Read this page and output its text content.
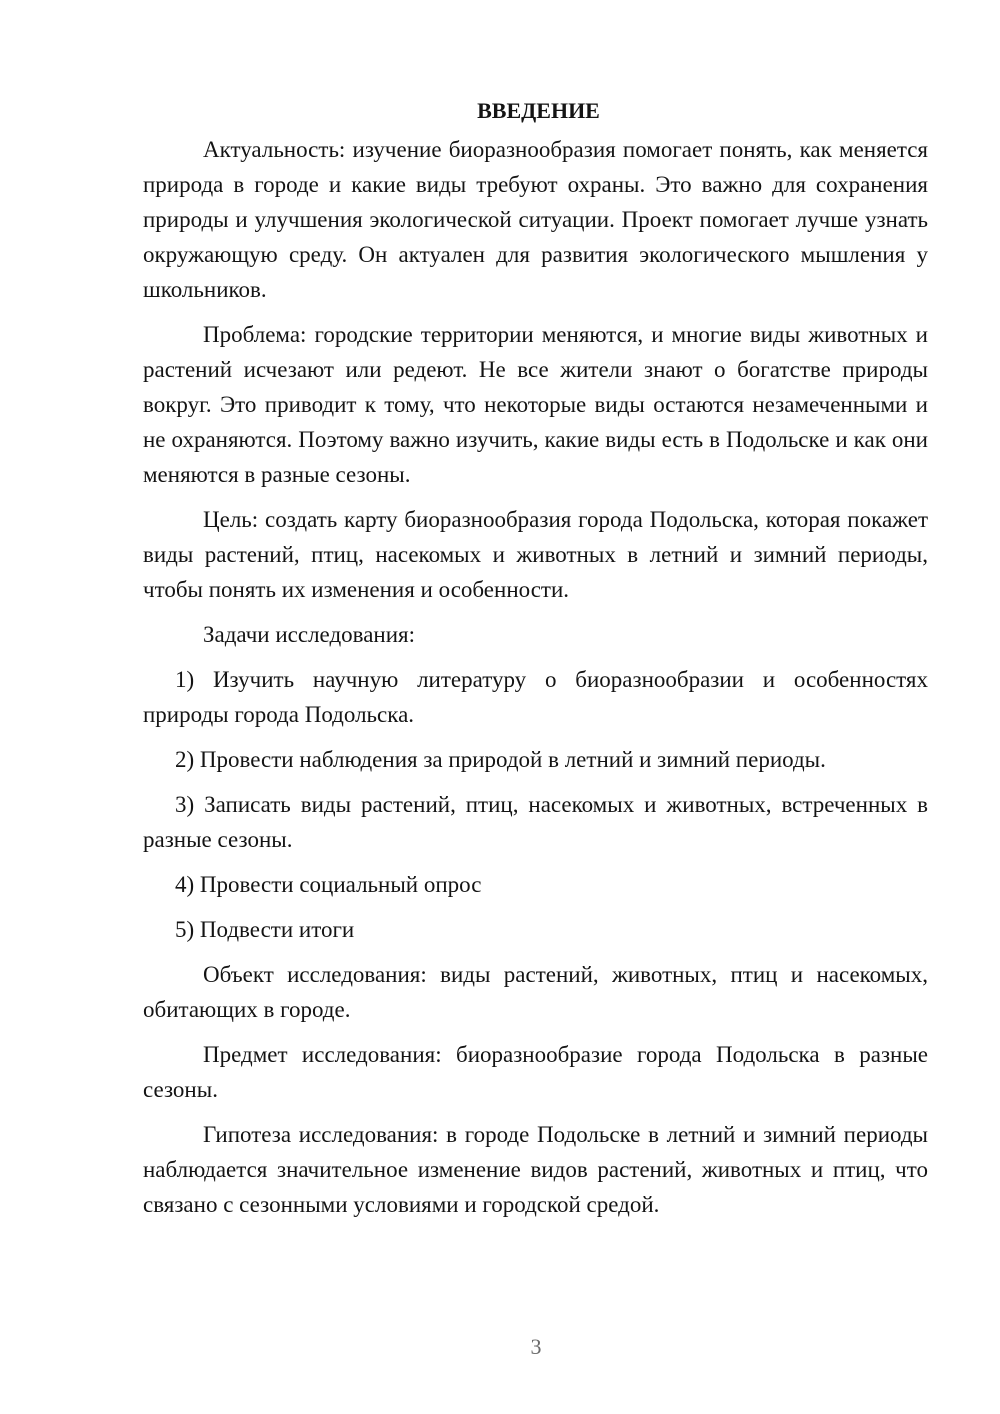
ВВЕДЕНИЕ
Актуальность: изучение биоразнообразия помогает понять, как меняется природа в городе и какие виды требуют охраны. Это важно для сохранения природы и улучшения экологической ситуации. Проект помогает лучше узнать окружающую среду. Он актуален для развития экологического мышления у школьников.
Проблема: городские территории меняются, и многие виды животных и растений исчезают или редеют. Не все жители знают о богатстве природы вокруг. Это приводит к тому, что некоторые виды остаются незамеченными и не охраняются. Поэтому важно изучить, какие виды есть в Подольске и как они меняются в разные сезоны.
Цель: создать карту биоразнообразия города Подольска, которая покажет виды растений, птиц, насекомых и животных в летний и зимний периоды, чтобы понять их изменения и особенности.
Задачи исследования:
1) Изучить научную литературу о биоразнообразии и особенностях природы города Подольска.
2) Провести наблюдения за природой в летний и зимний периоды.
3) Записать виды растений, птиц, насекомых и животных, встреченных в разные сезоны.
4) Провести социальный опрос
5) Подвести итоги
Объект исследования: виды растений, животных, птиц и насекомых, обитающих в городе.
Предмет исследования: биоразнообразие города Подольска в разные сезоны.
Гипотеза исследования: в городе Подольске в летний и зимний периоды наблюдается значительное изменение видов растений, животных и птиц, что связано с сезонными условиями и городской средой.
3
